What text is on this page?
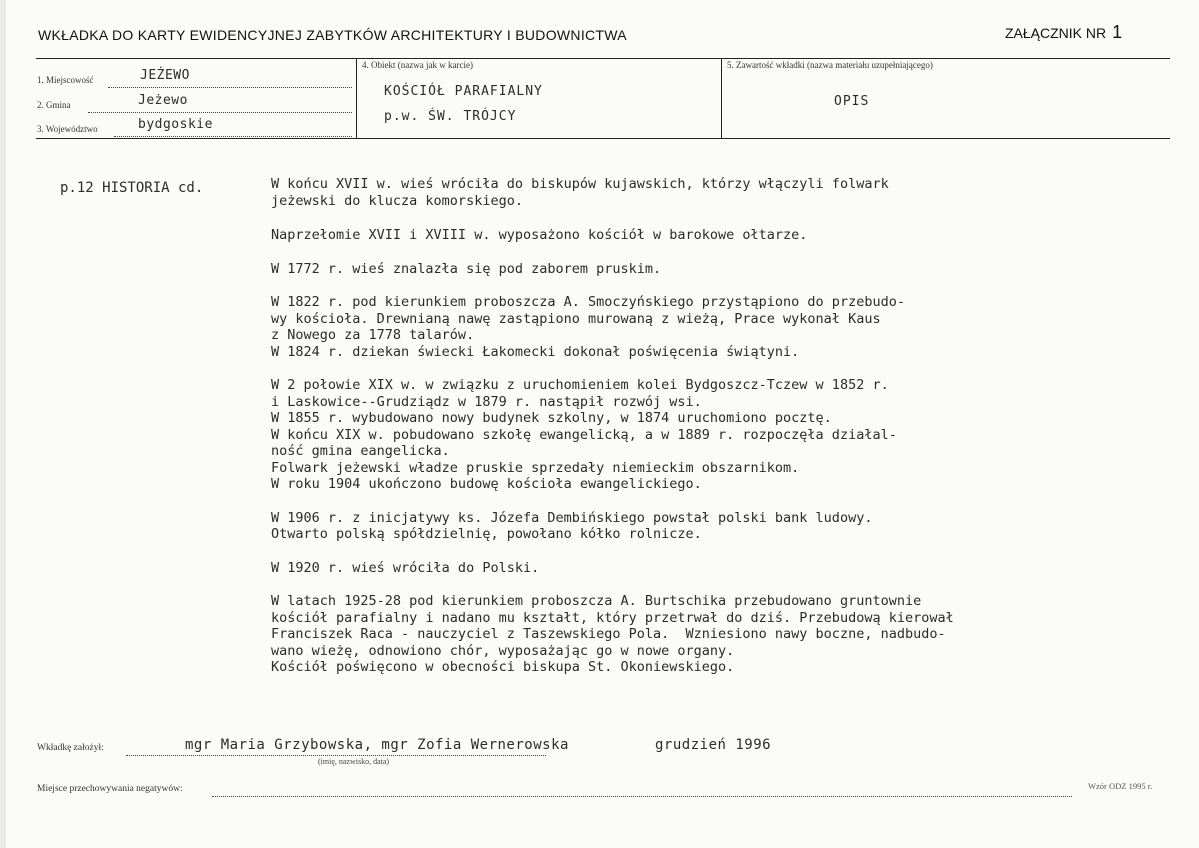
WKŁADKA DO KARTY EWIDENCYJNEJ ZABYTKÓW ARCHITEKTURY I BUDOWNICTWA	ZAŁĄCZNIK NR 1
1. Miejscowość	JEŻEWO
2. Gmina	Jeżewo
3. Województwo	bydgoskie
4. Obiekt (nazwa jak w karcie)
KOŚCIÓŁ PARAFIALNY
p.w. ŚW. TRÓJCY
5. Zawartość wkładki (nazwa materiału uzupełniającego)
OPIS
p.12 HISTORIA cd.	W końcu XVII w. wieś wróciła do biskupów kujawskich, którzy włączyli folwark
jeżewski do klucza komorskiego.
Naprzełomie XVII i XVIII w. wyposażono kościół w barokowe ołtarze.
W 1772 r. wieś znalazła się pod zaborem pruskim.
W 1822 r. pod kierunkiem proboszcza A. Smoczyńskiego przystąpiono do przebudo-
wy kościoła. Drewnianą nawę zastąpiono murowaną z wieżą, Prace wykonał Kaus
z Nowego za 1778 talarów.
W 1824 r. dziekan świecki Łakomecki dokonał poświęcenia świątyni.
W 2 połowie XIX w. w związku z uruchomieniem kolei Bydgoszcz-Tczew w 1852 r.
i Laskowice--Grudziądz w 1879 r. nastąpił rozwój wsi.
W 1855 r. wybudowano nowy budynek szkolny, w 1874 uruchomiono pocztę.
W końcu XIX w. pobudowano szkołę ewangelicką, a w 1889 r. rozpoczęła działal-
ność gmina eangelicka.
Folwark jeżewski władze pruskie sprzedały niemieckim obszarnikom.
W roku 1904 ukończono budowę kościoła ewangelickiego.
W 1906 r. z inicjatywy ks. Józefa Dembińskiego powstał polski bank ludowy.
Otwarto polską spółdzielnię, powołano kółko rolnicze.
W 1920 r. wieś wróciła do Polski.
W latach 1925-28 pod kierunkiem proboszcza A. Burtschika przebudowano gruntownie
kościół parafialny i nadano mu kształt, który przetrwał do dziś. Przebudową kierował
Franciszek Raca - nauczyciel z Taszewskiego Pola.  Wzniesiono nawy boczne, nadbudo-
wano wieżę, odnowiono chór, wyposażając go w nowe organy.
Kościół poświęcono w obecności biskupa St. Okoniewskiego.
Wkładkę założył:	mgr Maria Grzybowska, mgr Zofia Wernerowska	grudzień 1996
(imię, nazwisko, data)
Miejsce przechowywania negatywów:	Wzór ODZ 1995 r.
